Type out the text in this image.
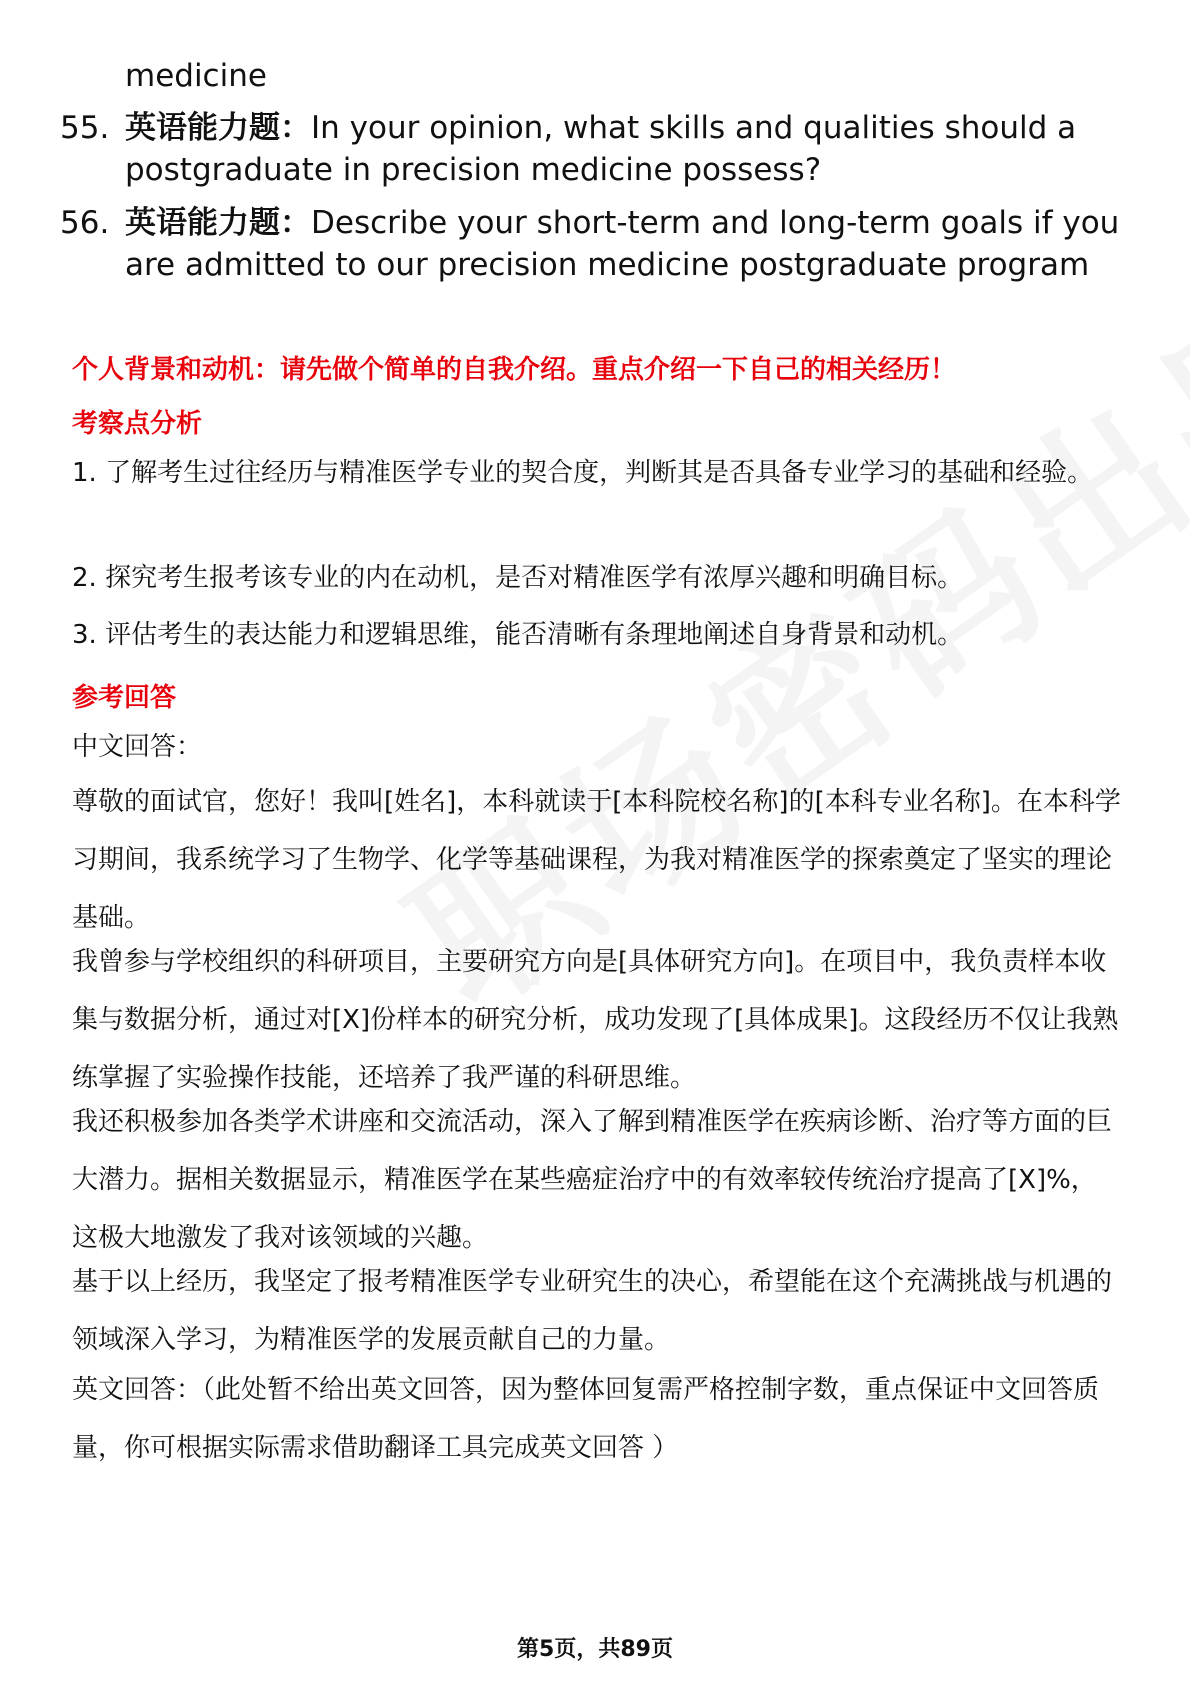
medicine
55. 英语能力题：In your opinion, what skills and qualities should a postgraduate in precision medicine possess?
56. 英语能力题：Describe your short-term and long-term goals if you are admitted to our precision medicine postgraduate program
个人背景和动机：请先做个简单的自我介绍。重点介绍一下自己的相关经历！
考察点分析
1. 了解考生过往经历与精准医学专业的契合度，判断其是否具备专业学习的基础和经验。
2. 探究考生报考该专业的内在动机，是否对精准医学有浓厚兴趣和明确目标。
3. 评估考生的表达能力和逻辑思维，能否清晰有条理地阐述自身背景和动机。
参考回答
中文回答：
尊敬的面试官，您好！我叫[姓名]，本科就读于[本科院校名称]的[本科专业名称]。在本科学习期间，我系统学习了生物学、化学等基础课程，为我对精准医学的探索奠定了坚实的理论基础。
我曾参与学校组织的科研项目，主要研究方向是[具体研究方向]。在项目中，我负责样本收集与数据分析，通过对[X]份样本的研究分析，成功发现了[具体成果]。这段经历不仅让我熟练掌握了实验操作技能，还培养了我严谨的科研思维。
我还积极参加各类学术讲座和交流活动，深入了解到精准医学在疾病诊断、治疗等方面的巨大潜力。据相关数据显示，精准医学在某些癌症治疗中的有效率较传统治疗提高了[X]%，这极大地激发了我对该领域的兴趣。
基于以上经历，我坚定了报考精准医学专业研究生的决心，希望能在这个充满挑战与机遇的领域深入学习，为精准医学的发展贡献自己的力量。
英文回答：（此处暂不给出英文回答，因为整体回复需严格控制字数，重点保证中文回答质量，你可根据实际需求借助翻译工具完成英文回答 ）
第5页，共89页
